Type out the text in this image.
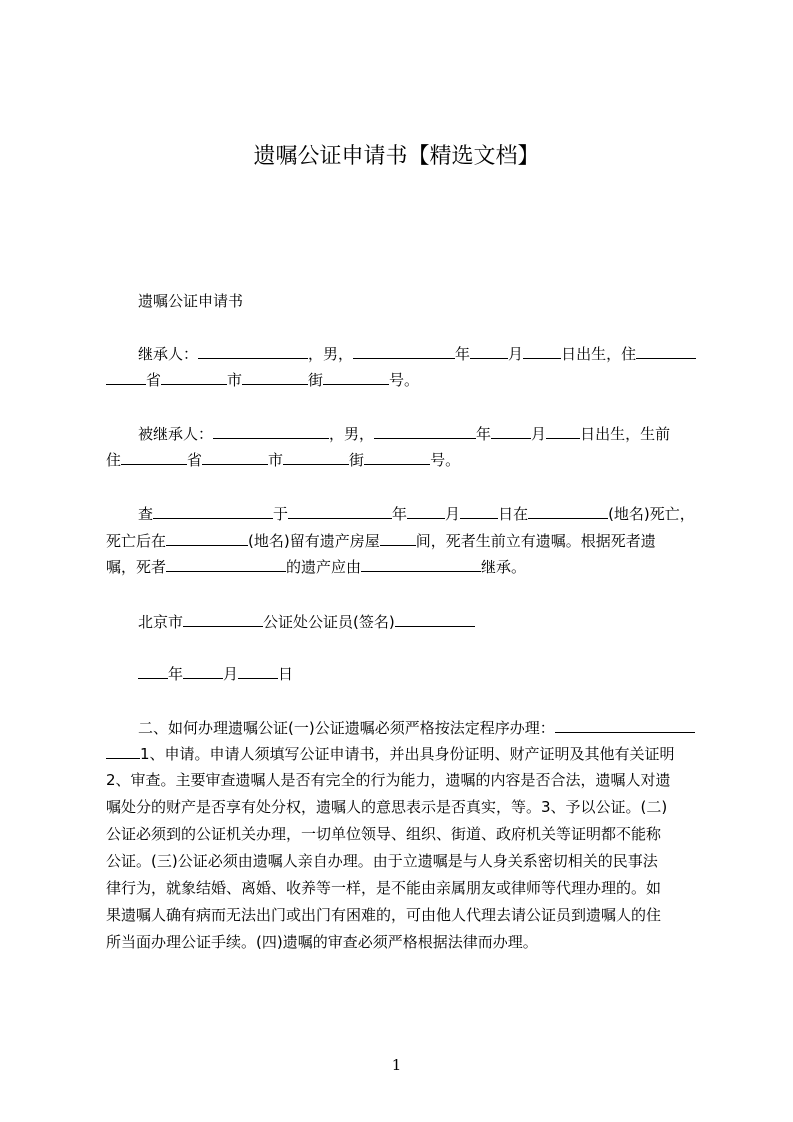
遗嘱公证申请书【精选文档】
遗嘱公证申请书
继承人：	，男，	年	月	日出生，住
省	市	街	号。
被继承人：	，男，	年	月 日出生，生前
住	省	市	街	号。
查	于	年	月	日在	(地名)死亡，
死亡后在	(地名)留有遗产房屋 间，死者生前立有遗嘱。根据死者遗
嘱，死者	的遗产应由	继承。
北京市	公证处公证员(签名)
年	月	日
二、如何办理遗嘱公证(一)公证遗嘱必须严格按法定程序办理：
1、申请。申请人须填写公证申请书，并出具身份证明、财产证明及其他有关证明
2、审查。主要审查遗嘱人是否有完全的行为能力，遗嘱的内容是否合法，遗嘱人对遗
嘱处分的财产是否享有处分权，遗嘱人的意思表示是否真实，等。3、予以公证。(二)
公证必须到的公证机关办理，一切单位领导、组织、街道、政府机关等证明都不能称
公证。(三)公证必须由遗嘱人亲自办理。由于立遗嘱是与人身关系密切相关的民事法
律行为，就象结婚、离婚、收养等一样，是不能由亲属朋友或律师等代理办理的。如
果遗嘱人确有病而无法出门或出门有困难的，可由他人代理去请公证员到遗嘱人的住
所当面办理公证手续。(四)遗嘱的审查必须严格根据法律而办理。
1
